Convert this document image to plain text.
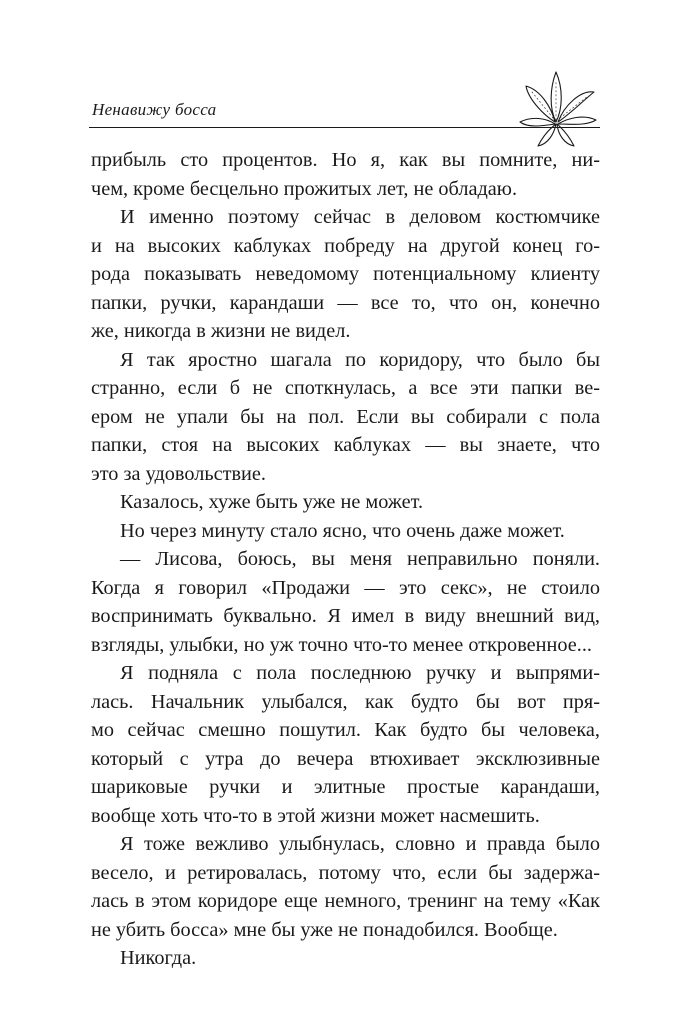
Ненавижу босса
прибыль сто процентов. Но я, как вы помните, ни-
чем, кроме бесцельно прожитых лет, не обладаю.
И именно поэтому сейчас в деловом костюмчике
и на высоких каблуках побреду на другой конец го-
рода показывать неведомому потенциальному клиенту
папки, ручки, карандаши — все то, что он, конечно
же, никогда в жизни не видел.
Я так яростно шагала по коридору, что было бы
странно, если б не споткнулась, а все эти папки ве-
ером не упали бы на пол. Если вы собирали с пола
папки, стоя на высоких каблуках — вы знаете, что
это за удовольствие.
Казалось, хуже быть уже не может.
Но через минуту стало ясно, что очень даже может.
— Лисова, боюсь, вы меня неправильно поняли.
Когда я говорил «Продажи — это секс», не стоило
воспринимать буквально. Я имел в виду внешний вид,
взгляды, улыбки, но уж точно что-то менее откровенное...
Я подняла с пола последнюю ручку и выпрями-
лась. Начальник улыбался, как будто бы вот пря-
мо сейчас смешно пошутил. Как будто бы человека,
который с утра до вечера втюхивает эксклюзивные
шариковые ручки и элитные простые карандаши,
вообще хоть что-то в этой жизни может насмешить.
Я тоже вежливо улыбнулась, словно и правда было
весело, и ретировалась, потому что, если бы задержа-
лась в этом коридоре еще немного, тренинг на тему «Как
не убить босса» мне бы уже не понадобился. Вообще.
Никогда.
